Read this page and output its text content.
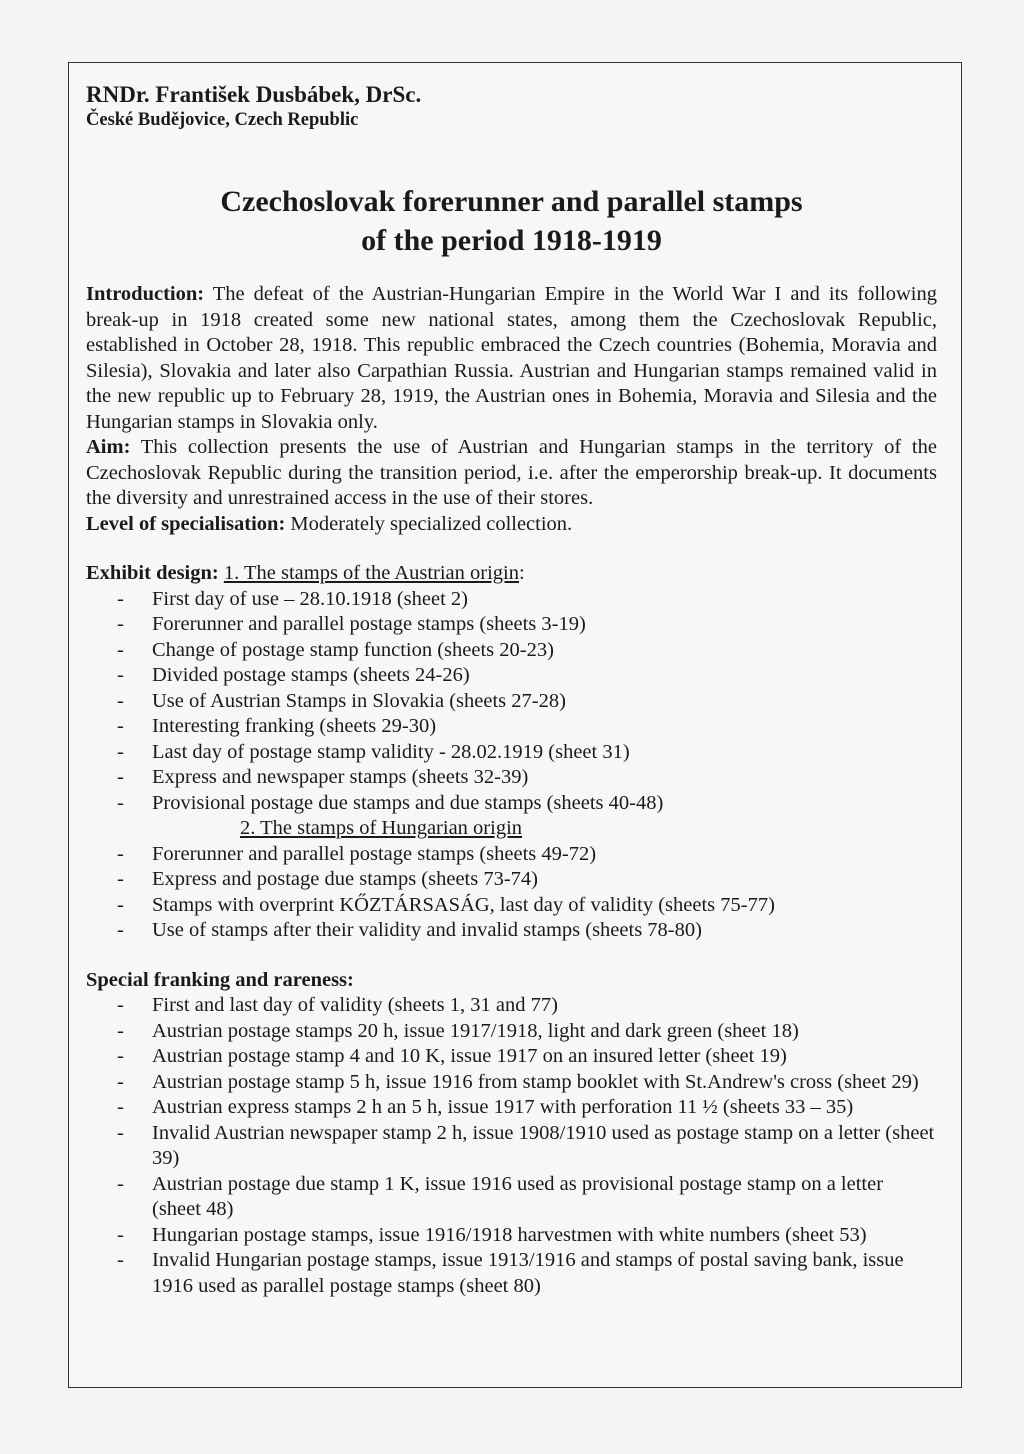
RNDr. František Dusbábek, DrSc.
České Budějovice, Czech Republic
Czechoslovak forerunner and parallel stamps
of the period 1918-1919

Introduction: The defeat of the Austrian-Hungarian Empire in the World War I and its following break-up in 1918 created some new national states, among them the Czechoslovak Republic, established in October 28, 1918. This republic embraced the Czech countries (Bohemia, Moravia and Silesia), Slovakia and later also Carpathian Russia. Austrian and Hungarian stamps remained valid in the new republic up to February 28, 1919, the Austrian ones in Bohemia, Moravia and Silesia and the Hungarian stamps in Slovakia only.

Aim: This collection presents the use of Austrian and Hungarian stamps in the territory of the Czechoslovak Republic during the transition period, i.e. after the emperorship break-up. It documents the diversity and unrestrained access in the use of their stores.

Level of specialisation: Moderately specialized collection.

Exhibit design: 1. The stamps of the Austrian origin:
- First day of use – 28.10.1918 (sheet 2)
- Forerunner and parallel postage stamps (sheets 3-19)
- Change of postage stamp function (sheets 20-23)
- Divided postage stamps (sheets 24-26)
- Use of Austrian Stamps in Slovakia (sheets 27-28)
- Interesting franking (sheets 29-30)
- Last day of postage stamp validity - 28.02.1919 (sheet 31)
- Express and newspaper stamps (sheets 32-39)
- Provisional postage due stamps and due stamps (sheets 40-48)
2. The stamps of Hungarian origin
- Forerunner and parallel postage stamps (sheets 49-72)
- Express and postage due stamps (sheets 73-74)
- Stamps with overprint KŐZTÁRSASÁG, last day of validity (sheets 75-77)
- Use of stamps after their validity and invalid stamps (sheets 78-80)
Special franking and rareness:
- First and last day of validity (sheets 1, 31 and 77)
- Austrian postage stamps 20 h, issue 1917/1918, light and dark green (sheet 18)
- Austrian postage stamp 4 and 10 K, issue 1917 on an insured letter (sheet 19)
- Austrian postage stamp 5 h, issue 1916 from stamp booklet with St.Andrew's cross (sheet 29)
- Austrian express stamps 2 h an 5 h, issue 1917 with perforation 11 ½ (sheets 33 – 35)
- Invalid Austrian newspaper stamp 2 h, issue 1908/1910 used as postage stamp on a letter (sheet 39)
- Austrian postage due stamp 1 K, issue 1916 used as provisional postage stamp on a letter (sheet 48)
- Hungarian postage stamps, issue 1916/1918 harvestmen with white numbers (sheet 53)
- Invalid Hungarian postage stamps, issue 1913/1916 and stamps of postal saving bank, issue 1916 used as parallel postage stamps (sheet 80)
